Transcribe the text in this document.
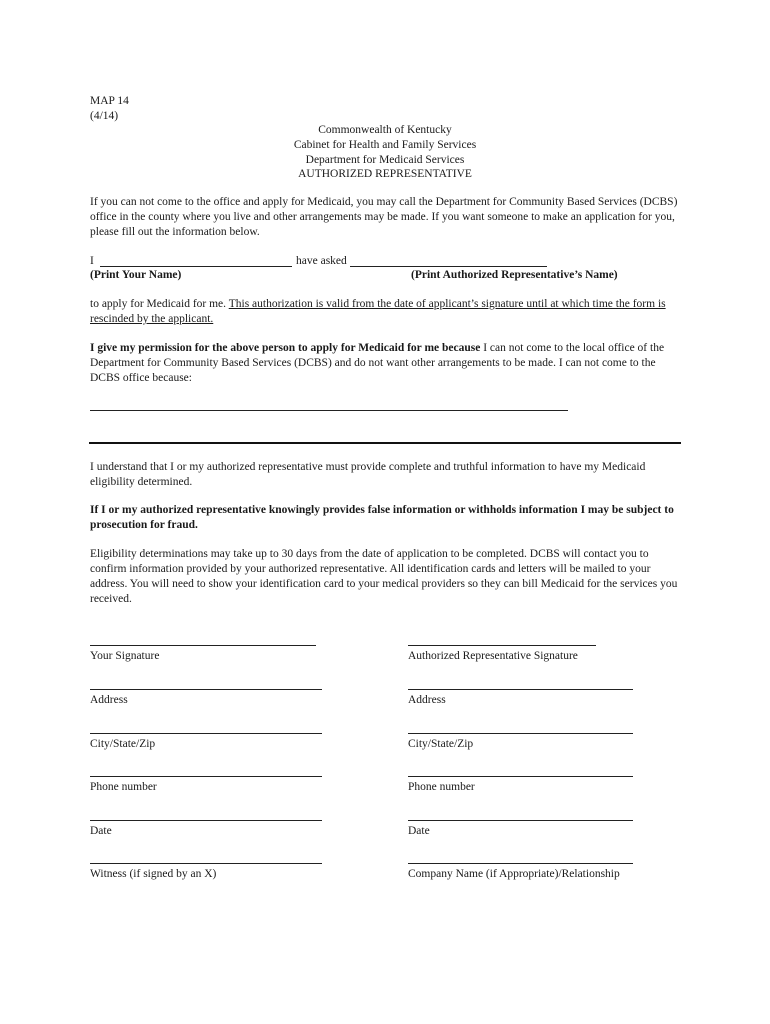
MAP 14
(4/14)
Commonwealth of Kentucky
Cabinet for Health and Family Services
Department for Medicaid Services
AUTHORIZED REPRESENTATIVE
If you can not come to the office and apply for Medicaid, you may call the Department for Community Based Services (DCBS) office in the county where you live and other arrangements may be made. If you want someone to make an application for you, please fill out the information below.
I	have asked
(Print Your Name)	(Print Authorized Representative’s Name)
to apply for Medicaid for me. This authorization is valid from the date of applicant’s signature until at which time the form is rescinded by the applicant.
I give my permission for the above person to apply for Medicaid for me because I can not come to the local office of the Department for Community Based Services (DCBS) and do not want other arrangements to be made. I can not come to the DCBS office because:
I understand that I or my authorized representative must provide complete and truthful information to have my Medicaid eligibility determined.
If I or my authorized representative knowingly provides false information or withholds information I may be subject to prosecution for fraud.
Eligibility determinations may take up to 30 days from the date of application to be completed. DCBS will contact you to confirm information provided by your authorized representative. All identification cards and letters will be mailed to your address. You will need to show your identification card to your medical providers so they can bill Medicaid for the services you received.
Your Signature
Address
City/State/Zip
Phone number
Date
Witness (if signed by an X)
Authorized Representative Signature
Address
City/State/Zip
Phone number
Date
Company Name (if Appropriate)/Relationship
